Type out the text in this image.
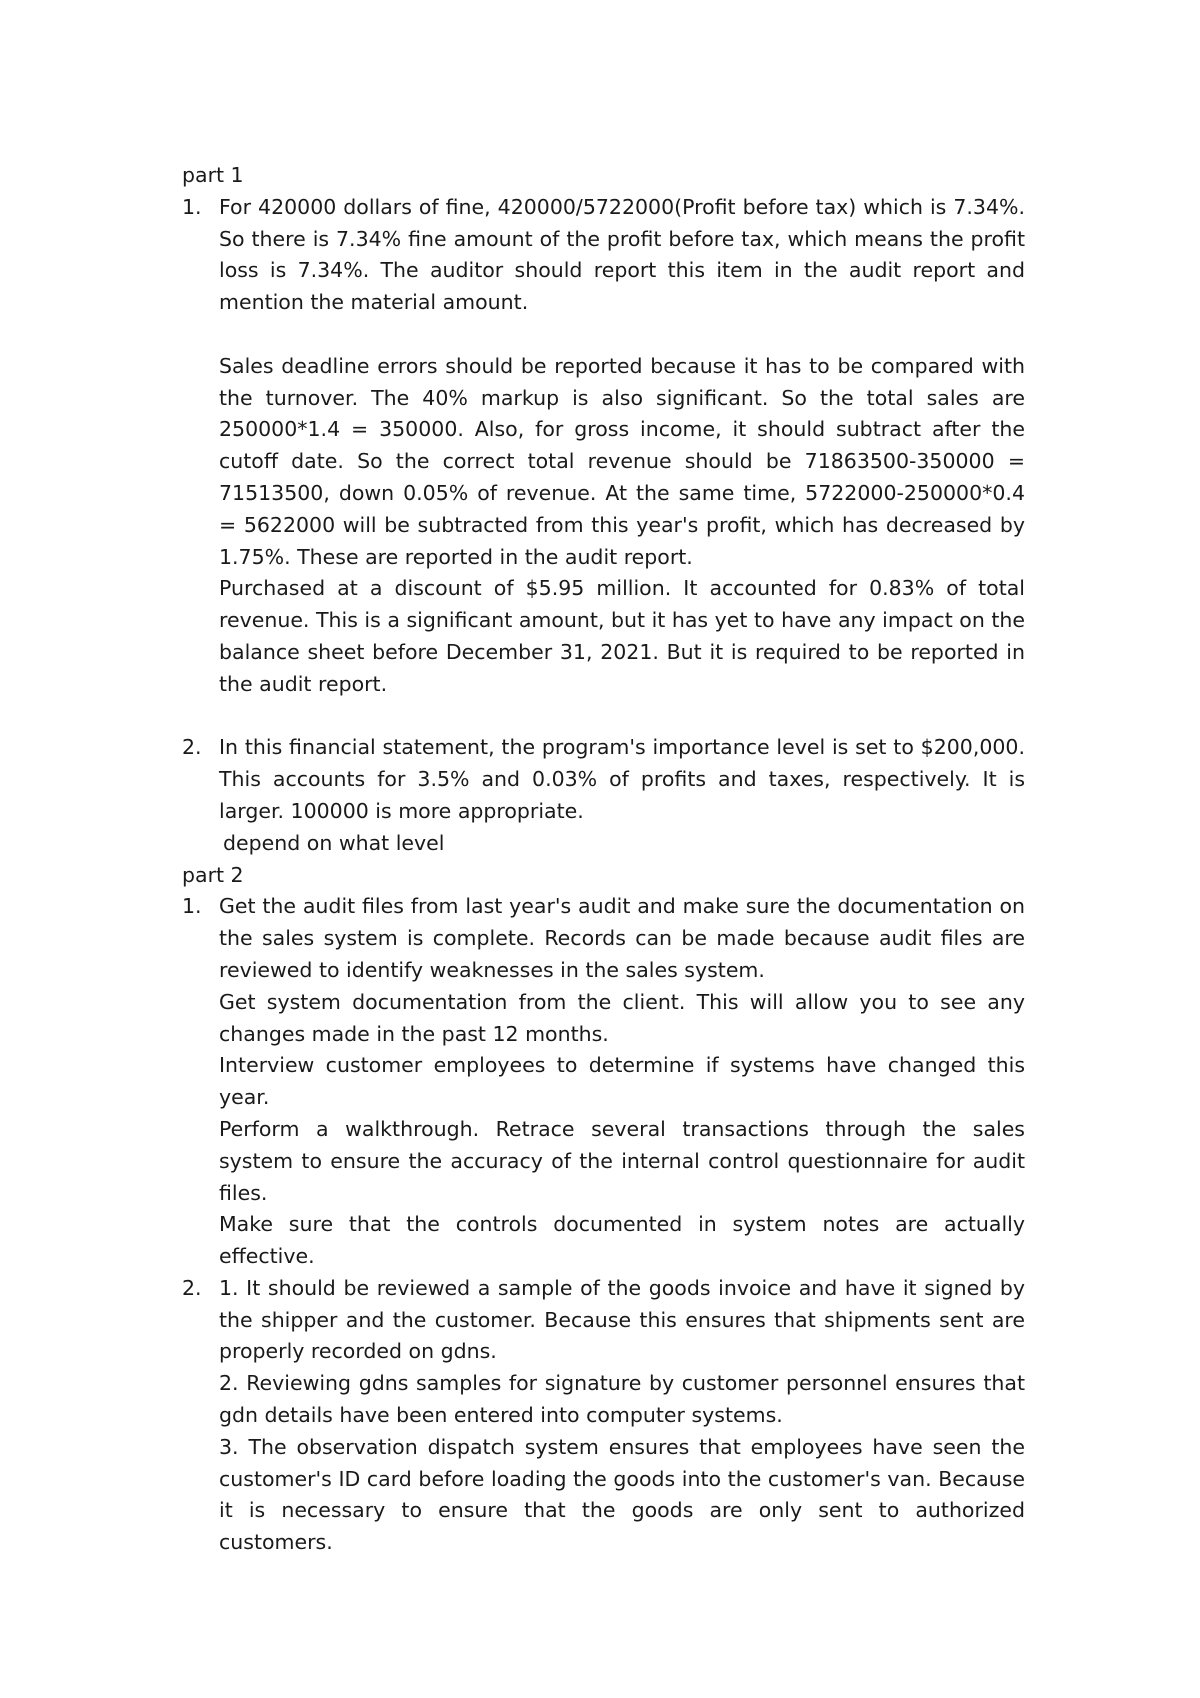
part 1

1. For 420000 dollars of fine, 420000/5722000(Profit before tax) which is 7.34%. So there is 7.34% fine amount of the profit before tax, which means the profit loss is 7.34%. The auditor should report this item in the audit report and mention the material amount.

Sales deadline errors should be reported because it has to be compared with the turnover. The 40% markup is also significant. So the total sales are 250000*1.4 = 350000. Also, for gross income, it should subtract after the cutoff date. So the correct total revenue should be 71863500-350000 = 71513500, down 0.05% of revenue. At the same time, 5722000-250000*0.4 = 5622000 will be subtracted from this year's profit, which has decreased by 1.75%. These are reported in the audit report.

Purchased at a discount of $5.95 million. It accounted for 0.83% of total revenue. This is a significant amount, but it has yet to have any impact on the balance sheet before December 31, 2021. But it is required to be reported in the audit report.

2. In this financial statement, the program's importance level is set to $200,000. This accounts for 3.5% and 0.03% of profits and taxes, respectively. It is larger. 100000 is more appropriate.

depend on what level

part 2

1. Get the audit files from last year's audit and make sure the documentation on the sales system is complete. Records can be made because audit files are reviewed to identify weaknesses in the sales system.

Get system documentation from the client. This will allow you to see any changes made in the past 12 months.

Interview customer employees to determine if systems have changed this year.

Perform a walkthrough. Retrace several transactions through the sales system to ensure the accuracy of the internal control questionnaire for audit files.

Make sure that the controls documented in system notes are actually effective.

2. 1. It should be reviewed a sample of the goods invoice and have it signed by the shipper and the customer. Because this ensures that shipments sent are properly recorded on gdns.

2. Reviewing gdns samples for signature by customer personnel ensures that gdn details have been entered into computer systems.

3. The observation dispatch system ensures that employees have seen the customer's ID card before loading the goods into the customer's van. Because it is necessary to ensure that the goods are only sent to authorized customers.
